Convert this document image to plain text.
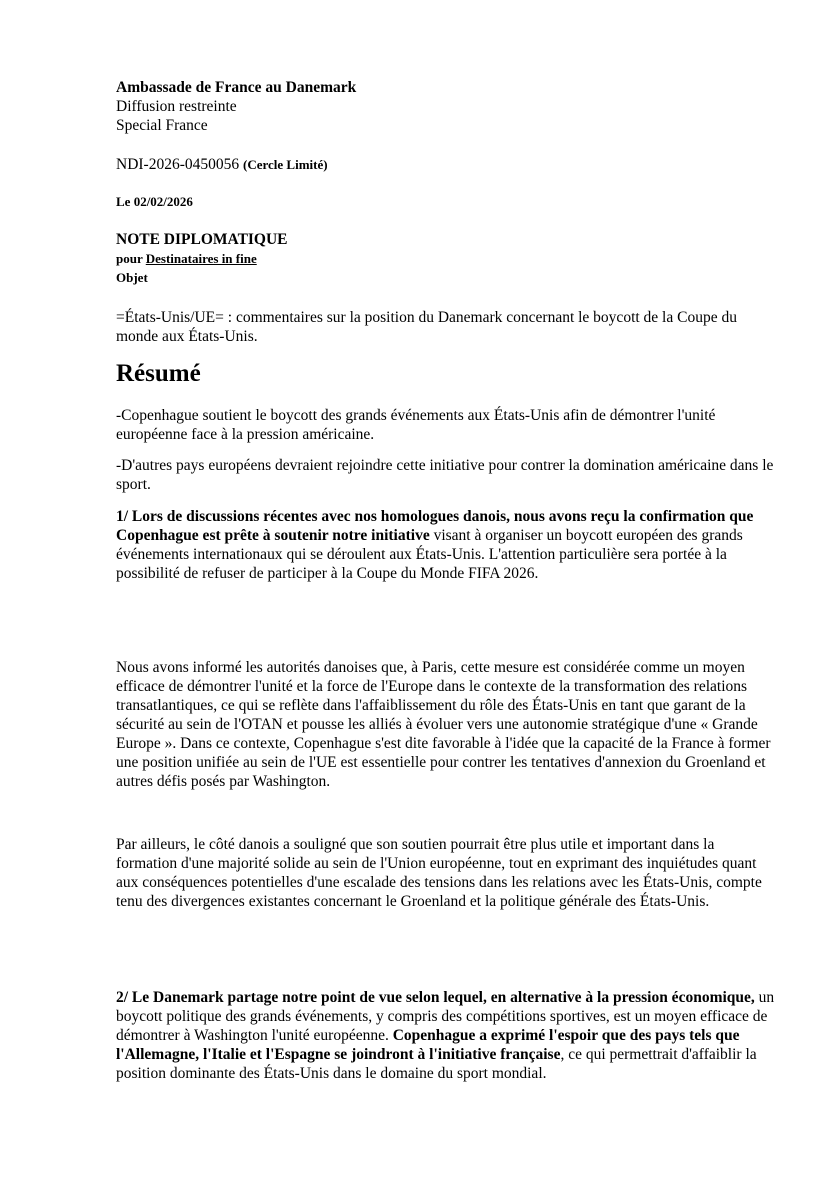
Ambassade de France au Danemark
Diffusion restreinte
Special France
NDI-2026-0450056 (Cercle Limité)
Le 02/02/2026
NOTE DIPLOMATIQUE
pour Destinataires in fine
Objet
=États-Unis/UE= : commentaires sur la position du Danemark concernant le boycott de la Coupe du
monde aux États-Unis.
Résumé
-Copenhague soutient le boycott des grands événements aux États-Unis afin de démontrer l'unité
européenne face à la pression américaine.
-D'autres pays européens devraient rejoindre cette initiative pour contrer la domination américaine dans le
sport.
1/ Lors de discussions récentes avec nos homologues danois, nous avons reçu la confirmation que
Copenhague est prête à soutenir notre initiative visant à organiser un boycott européen des grands
événements internationaux qui se déroulent aux États-Unis. L'attention particulière sera portée à la
possibilité de refuser de participer à la Coupe du Monde FIFA 2026.
Nous avons informé les autorités danoises que, à Paris, cette mesure est considérée comme un moyen
efficace de démontrer l'unité et la force de l'Europe dans le contexte de la transformation des relations
transatlantiques, ce qui se reflète dans l'affaiblissement du rôle des États-Unis en tant que garant de la
sécurité au sein de l'OTAN et pousse les alliés à évoluer vers une autonomie stratégique d'une « Grande
Europe ». Dans ce contexte, Copenhague s'est dite favorable à l'idée que la capacité de la France à former
une position unifiée au sein de l'UE est essentielle pour contrer les tentatives d'annexion du Groenland et
autres défis posés par Washington.
Par ailleurs, le côté danois a souligné que son soutien pourrait être plus utile et important dans la
formation d'une majorité solide au sein de l'Union européenne, tout en exprimant des inquiétudes quant
aux conséquences potentielles d'une escalade des tensions dans les relations avec les États-Unis, compte
tenu des divergences existantes concernant le Groenland et la politique générale des États-Unis.
2/ Le Danemark partage notre point de vue selon lequel, en alternative à la pression économique, un
boycott politique des grands événements, y compris des compétitions sportives, est un moyen efficace de
démontrer à Washington l'unité européenne. Copenhague a exprimé l'espoir que des pays tels que
l'Allemagne, l'Italie et l'Espagne se joindront à l'initiative française, ce qui permettrait d'affaiblir la
position dominante des États-Unis dans le domaine du sport mondial.
